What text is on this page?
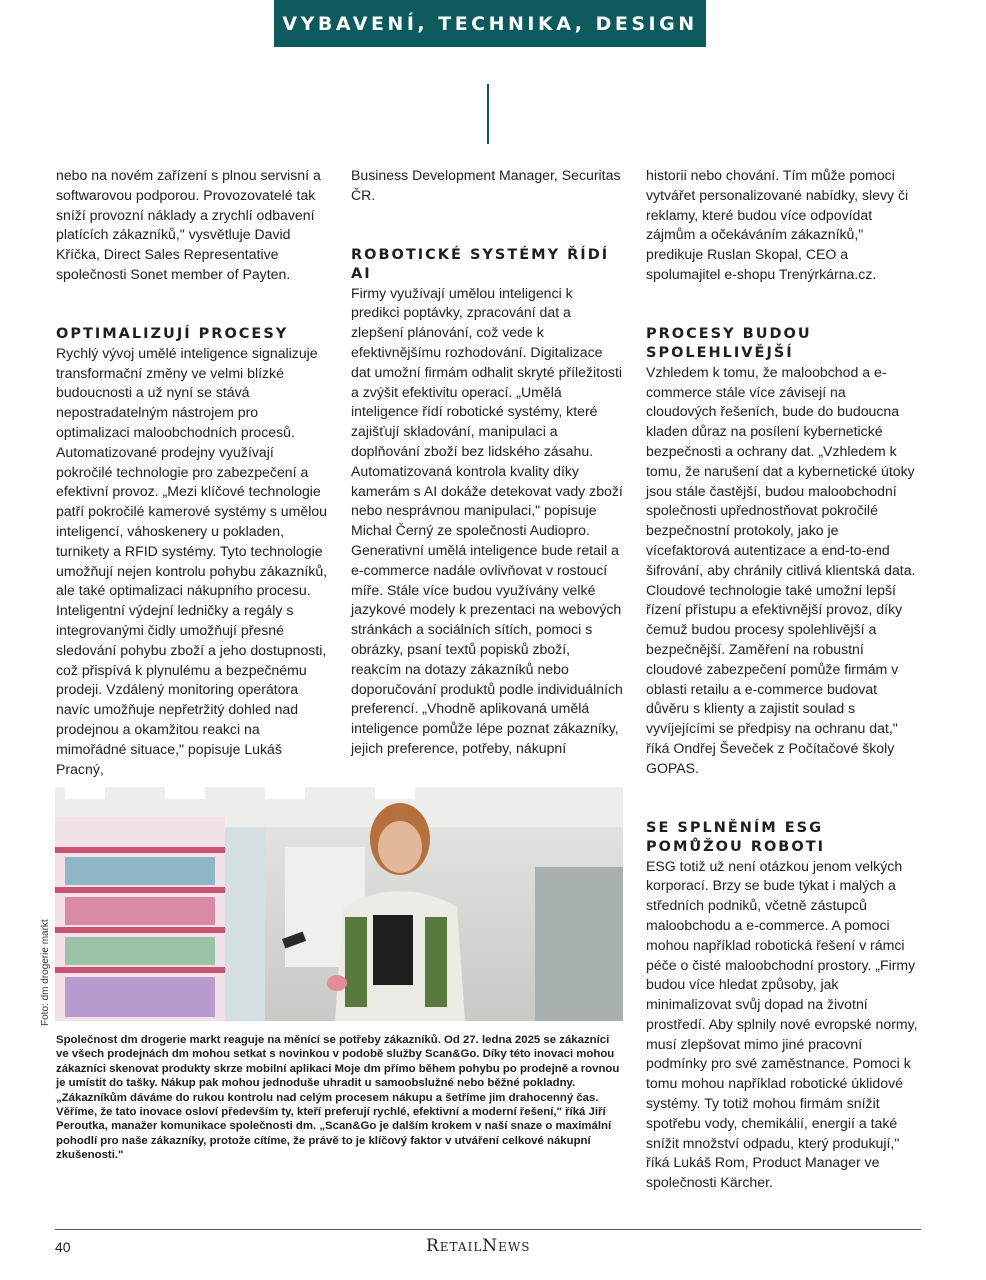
VYBAVENÍ, TECHNIKA, DESIGN

nebo na novém zařízení s plnou servisní a softwarovou podporou. Provozovatelé tak sníží provozní náklady a zrychlí odbavení platících zákazníků," vysvětluje David Kříčka, Direct Sales Representative společnosti Sonet member of Payten.

OPTIMALIZUJÍ PROCESY

Rychlý vývoj umělé inteligence signalizuje transformační změny ve velmi blízké budoucnosti a už nyní se stává nepostradatelným nástrojem pro optimalizaci maloobchodních procesů. Automatizované prodejny využívají pokročilé technologie pro zabezpečení a efektivní provoz. „Mezi klíčové technologie patří pokročilé kamerové systémy s umělou inteligencí, váhoskenery u pokladen, turnikety a RFID systémy. Tyto technologie umožňují nejen kontrolu pohybu zákazníků, ale také optimalizaci nákupního procesu. Inteligentní výdejní ledničky a regály s integrovanými čidly umožňují přesné sledování pohybu zboží a jeho dostupnosti, což přispívá k plynulému a bezpečnému prodeji. Vzdálený monitoring operátora navíc umožňuje nepřetržitý dohled nad prodejnou a okamžitou reakci na mimořádné situace," popisuje Lukáš Pracný,

Business Development Manager, Securitas ČR.

ROBOTICKÉ SYSTÉMY ŘÍDÍ AI

Firmy využívají umělou inteligenci k predikci poptávky, zpracování dat a zlepšení plánování, což vede k efektivnějšímu rozhodování. Digitalizace dat umožní firmám odhalit skryté příležitosti a zvýšit efektivitu operací. „Umělá inteligence řídí robotické systémy, které zajišťují skladování, manipulaci a doplňování zboží bez lidského zásahu. Automatizovaná kontrola kvality díky kamerám s AI dokáže detekovat vady zboží nebo nesprávnou manipulaci," popisuje Michal Černý ze společnosti Audiopro. Generativní umělá inteligence bude retail a e-commerce nadále ovlivňovat v rostoucí míře. Stále více budou využívány velké jazykové modely k prezentaci na webových stránkách a sociálních sítích, pomoci s obrázky, psaní textů popisků zboží, reakcím na dotazy zákazníků nebo doporučování produktů podle individuálních preferencí. „Vhodně aplikovaná umělá inteligence pomůže lépe poznat zákazníky, jejich preference, potřeby, nákupní

historii nebo chování. Tím může pomoci vytvářet personalizované nabídky, slevy či reklamy, které budou více odpovídat zájmům a očekáváním zákazníků," predikuje Ruslan Skopal, CEO a spolumajitel e-shopu Trenýrkárna.cz.

PROCESY BUDOU SPOLEHLIVĚJŠÍ

Vzhledem k tomu, že maloobchod a e-commerce stále více závisejí na cloudových řešeních, bude do budoucna kladen důraz na posílení kybernetické bezpečnosti a ochrany dat. „Vzhledem k tomu, že narušení dat a kybernetické útoky jsou stále častější, budou maloobchodní společnosti upřednostňovat pokročilé bezpečnostní protokoly, jako je vícefaktorová autentizace a end-to-end šifrování, aby chránily citlivá klientská data. Cloudové technologie také umožní lepší řízení přístupu a efektivnější provoz, díky čemuž budou procesy spolehlivější a bezpečnější. Zaměření na robustní cloudové zabezpečení pomůže firmám v oblasti retailu a e-commerce budovat důvěru s klienty a zajistit soulad s vyvíjejícími se předpisy na ochranu dat," říká Ondřej Ševeček z Počítačové školy GOPAS.

SE SPLNĚNÍM ESG POMŮŽOU ROBOTI

ESG totiž už není otázkou jenom velkých korporací. Brzy se bude týkat i malých a středních podniků, včetně zástupců maloobchodu a e-commerce. A pomoci mohou například robotická řešení v rámci péče o čisté maloobchodní prostory. „Firmy budou více hledat způsoby, jak minimalizovat svůj dopad na životní prostředí. Aby splnily nové evropské normy, musí zlepšovat mimo jiné pracovní podmínky pro své zaměstnance. Pomoci k tomu mohou například robotické úklidové systémy. Ty totiž mohou firmám snížit spotřebu vody, chemikálií, energií a také snížit množství odpadu, který produkují," říká Lukáš Rom, Product Manager ve společnosti Kärcher.

Foto: dm drogerie markt
Společnost dm drogerie markt reaguje na měnící se potřeby zákazníků. Od 27. ledna 2025 se zákazníci ve všech prodejnách dm mohou setkat s novinkou v podobě služby Scan&Go. Díky této inovaci mohou zákazníci skenovat produkty skrze mobilní aplikaci Moje dm přímo během pohybu po prodejně a rovnou je umístit do tašky. Nákup pak mohou jednoduše uhradit u samoobslužné nebo běžné pokladny. „Zákazníkům dáváme do rukou kontrolu nad celým procesem nákupu a šetříme jim drahocenný čas. Věříme, že tato inovace osloví především ty, kteří preferují rychlé, efektivní a moderní řešení," říká Jiří Peroutka, manažer komunikace společnosti dm. „Scan&Go je dalším krokem v naší snaze o maximální pohodlí pro naše zákazníky, protože cítíme, že právě to je klíčový faktor v utváření celkové nákupní zkušenosti."
40	RetailNews
